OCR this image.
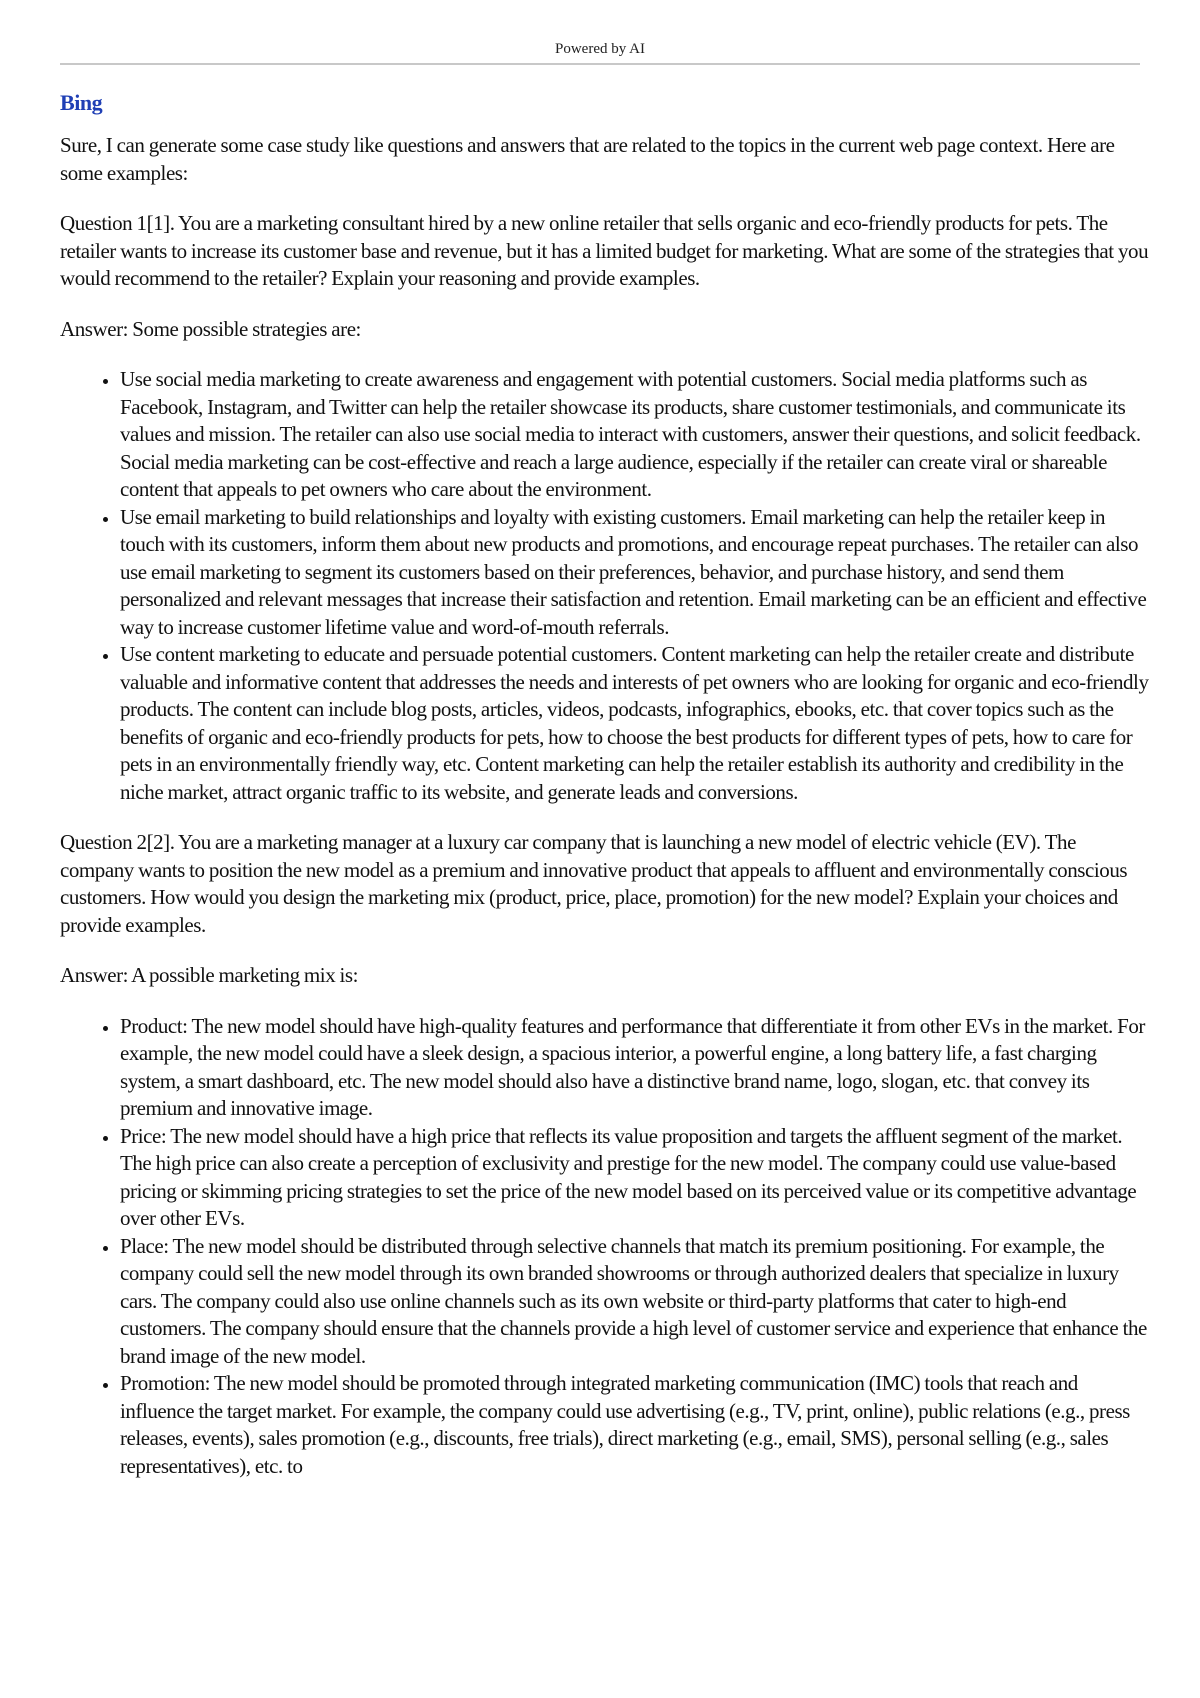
Powered by AI
Bing

Sure, I can generate some case study like questions and answers that are related to the topics in the current web page context. Here are some examples:

Question 1[1]. You are a marketing consultant hired by a new online retailer that sells organic and eco-friendly products for pets. The retailer wants to increase its customer base and revenue, but it has a limited budget for marketing. What are some of the strategies that you would recommend to the retailer? Explain your reasoning and provide examples.

Answer: Some possible strategies are:

• Use social media marketing to create awareness and engagement with potential customers. Social media platforms such as Facebook, Instagram, and Twitter can help the retailer showcase its products, share customer testimonials, and communicate its values and mission. The retailer can also use social media to interact with customers, answer their questions, and solicit feedback. Social media marketing can be cost-effective and reach a large audience, especially if the retailer can create viral or shareable content that appeals to pet owners who care about the environment.
• Use email marketing to build relationships and loyalty with existing customers. Email marketing can help the retailer keep in touch with its customers, inform them about new products and promotions, and encourage repeat purchases. The retailer can also use email marketing to segment its customers based on their preferences, behavior, and purchase history, and send them personalized and relevant messages that increase their satisfaction and retention. Email marketing can be an efficient and effective way to increase customer lifetime value and word-of-mouth referrals.
• Use content marketing to educate and persuade potential customers. Content marketing can help the retailer create and distribute valuable and informative content that addresses the needs and interests of pet owners who are looking for organic and eco-friendly products. The content can include blog posts, articles, videos, podcasts, infographics, ebooks, etc. that cover topics such as the benefits of organic and eco-friendly products for pets, how to choose the best products for different types of pets, how to care for pets in an environmentally friendly way, etc. Content marketing can help the retailer establish its authority and credibility in the niche market, attract organic traffic to its website, and generate leads and conversions.

Question 2[2]. You are a marketing manager at a luxury car company that is launching a new model of electric vehicle (EV). The company wants to position the new model as a premium and innovative product that appeals to affluent and environmentally conscious customers. How would you design the marketing mix (product, price, place, promotion) for the new model? Explain your choices and provide examples.

Answer: A possible marketing mix is:

• Product: The new model should have high-quality features and performance that differentiate it from other EVs in the market. For example, the new model could have a sleek design, a spacious interior, a powerful engine, a long battery life, a fast charging system, a smart dashboard, etc. The new model should also have a distinctive brand name, logo, slogan, etc. that convey its premium and innovative image.
• Price: The new model should have a high price that reflects its value proposition and targets the affluent segment of the market. The high price can also create a perception of exclusivity and prestige for the new model. The company could use value-based pricing or skimming pricing strategies to set the price of the new model based on its perceived value or its competitive advantage over other EVs.
• Place: The new model should be distributed through selective channels that match its premium positioning. For example, the company could sell the new model through its own branded showrooms or through authorized dealers that specialize in luxury cars. The company could also use online channels such as its own website or third-party platforms that cater to high-end customers. The company should ensure that the channels provide a high level of customer service and experience that enhance the brand image of the new model.
• Promotion: The new model should be promoted through integrated marketing communication (IMC) tools that reach and influence the target market. For example, the company could use advertising (e.g., TV, print, online), public relations (e.g., press releases, events), sales promotion (e.g., discounts, free trials), direct marketing (e.g., email, SMS), personal selling (e.g., sales representatives), etc. to
